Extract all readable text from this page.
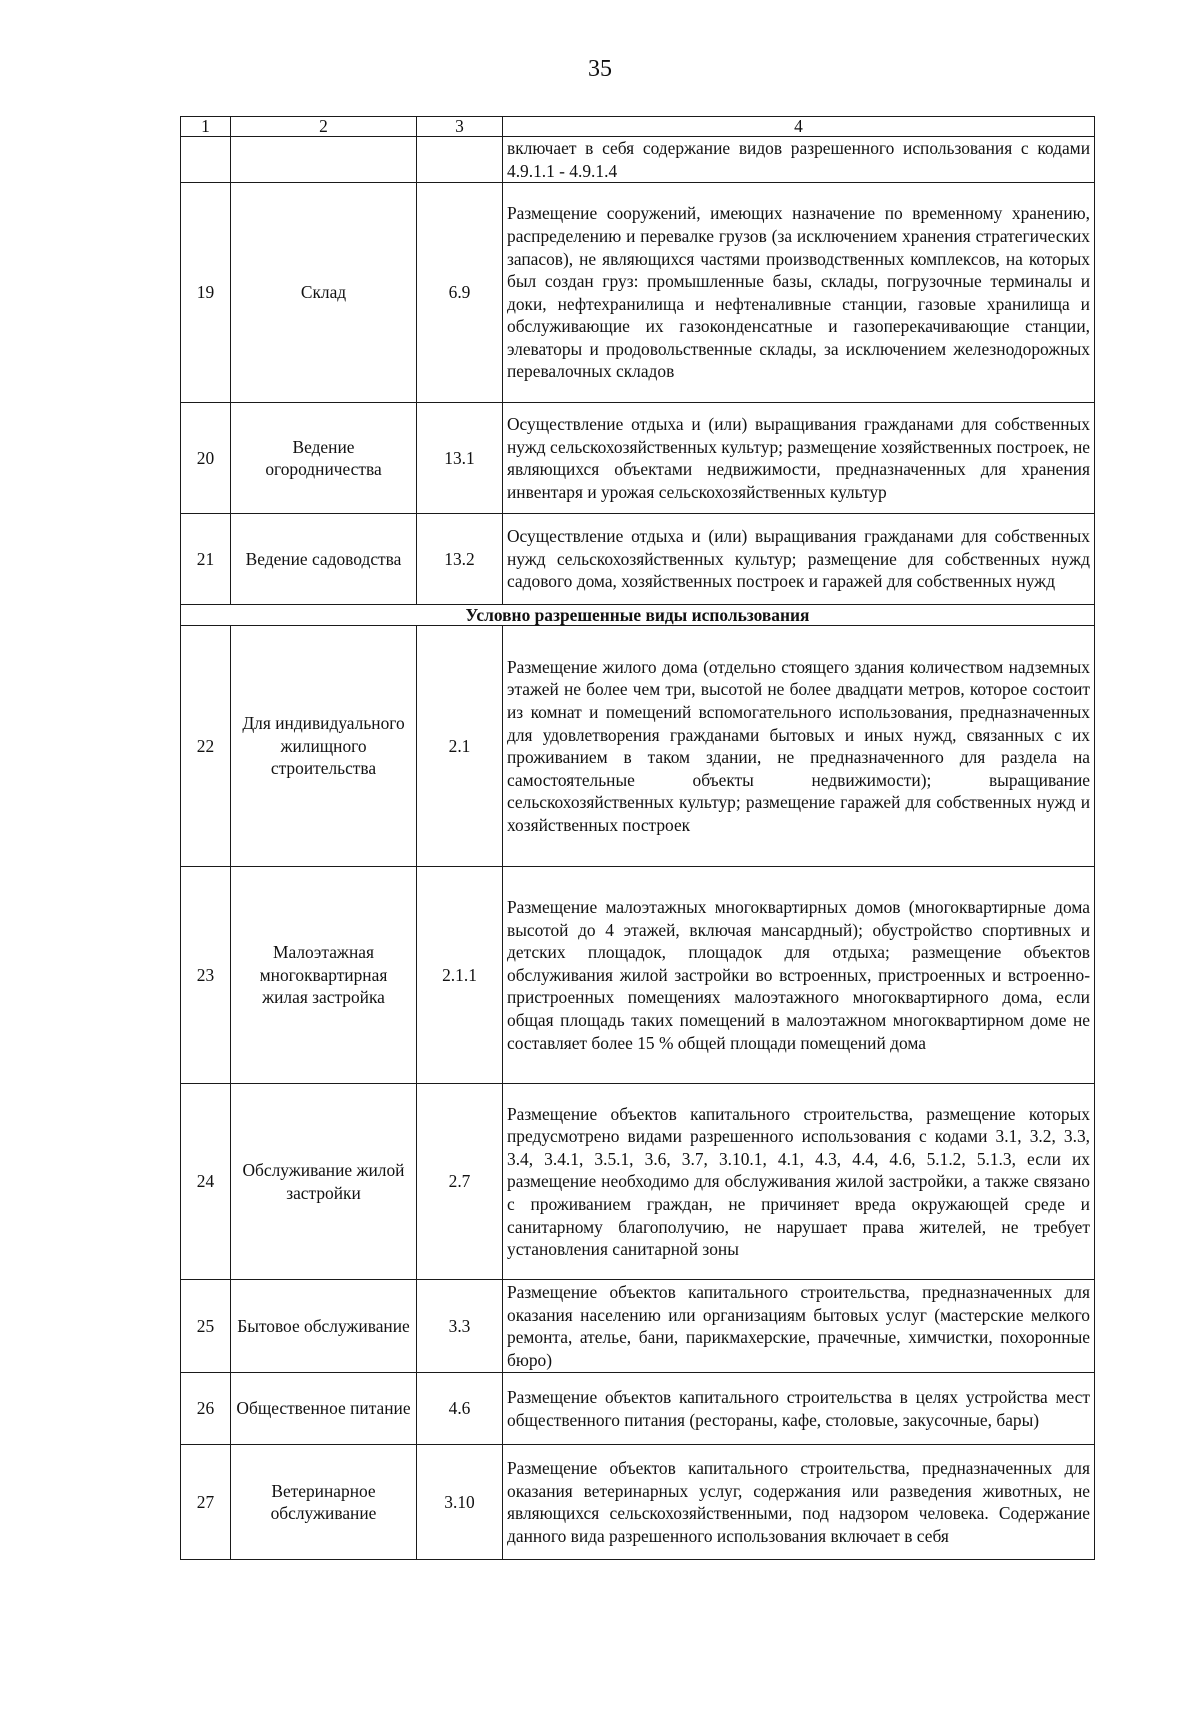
35
1	2	3	4
			включает в себя содержание видов разрешенного использования с кодами 4.9.1.1 - 4.9.1.4
19	Склад	6.9	Размещение сооружений, имеющих назначение по временному хранению, распределению и перевалке грузов (за исключением хранения стратегических запасов), не являющихся частями производственных комплексов, на которых был создан груз: промышленные базы, склады, погрузочные терминалы и доки, нефтехранилища и нефтеналивные станции, газовые хранилища и обслуживающие их газоконденсатные и газоперекачивающие станции, элеваторы и продовольственные склады, за исключением железнодорожных перевалочных складов
20	Ведение огородничества	13.1	Осуществление отдыха и (или) выращивания гражданами для собственных нужд сельскохозяйственных культур; размещение хозяйственных построек, не являющихся объектами недвижимости, предназначенных для хранения инвентаря и урожая сельскохозяйственных культур
21	Ведение садоводства	13.2	Осуществление отдыха и (или) выращивания гражданами для собственных нужд сельскохозяйственных культур; размещение для собственных нужд садового дома, хозяйственных построек и гаражей для собственных нужд
Условно разрешенные виды использования			
22	Для индивидуального жилищного строительства	2.1	Размещение жилого дома (отдельно стоящего здания количеством надземных этажей не более чем три, высотой не более двадцати метров, которое состоит из комнат и помещений вспомогательного использования, предназначенных для удовлетворения гражданами бытовых и иных нужд, связанных с их проживанием в таком здании, не предназначенного для раздела на самостоятельные объекты недвижимости); выращивание сельскохозяйственных культур; размещение гаражей для собственных нужд и хозяйственных построек
23	Малоэтажная многоквартирная жилая застройка	2.1.1	Размещение малоэтажных многоквартирных домов (многоквартирные дома высотой до 4 этажей, включая мансардный); обустройство спортивных и детских площадок, площадок для отдыха; размещение объектов обслуживания жилой застройки во встроенных, пристроенных и встроенно-пристроенных помещениях малоэтажного многоквартирного дома, если общая площадь таких помещений в малоэтажном многоквартирном доме не составляет более 15 % общей площади помещений дома
24	Обслуживание жилой застройки	2.7	Размещение объектов капитального строительства, размещение которых предусмотрено видами разрешенного использования с кодами 3.1, 3.2, 3.3, 3.4, 3.4.1, 3.5.1, 3.6, 3.7, 3.10.1, 4.1, 4.3, 4.4, 4.6, 5.1.2, 5.1.3, если их размещение необходимо для обслуживания жилой застройки, а также связано с проживанием граждан, не причиняет вреда окружающей среде и санитарному благополучию, не нарушает права жителей, не требует установления санитарной зоны
25	Бытовое обслуживание	3.3	Размещение объектов капитального строительства, предназначенных для оказания населению или организациям бытовых услуг (мастерские мелкого ремонта, ателье, бани, парикмахерские, прачечные, химчистки, похоронные бюро)
26	Общественное питание	4.6	Размещение объектов капитального строительства в целях устройства мест общественного питания (рестораны, кафе, столовые, закусочные, бары)
27	Ветеринарное обслуживание	3.10	Размещение объектов капитального строительства, предназначенных для оказания ветеринарных услуг, содержания или разведения животных, не являющихся сельскохозяйственными, под надзором человека. Содержание данного вида разрешенного использования включает в себя
